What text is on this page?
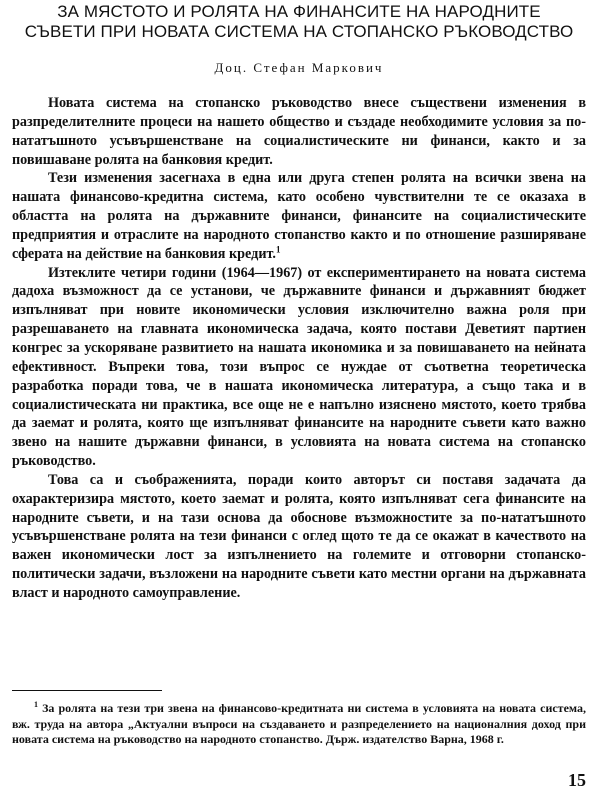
ЗА МЯСТОТО И РОЛЯТА НА ФИНАНСИТЕ НА НАРОДНИТЕ
СЪВЕТИ ПРИ НОВАТА СИСТЕМА НА СТОПАНСКО РЪКОВОДСТВО
Доц. Стефан Маркович

Новата система на стопанско ръководство внесе съществени изменения в разпределителните процеси на нашето общество и създаде необходимите условия за по-нататъшното усъвършенстване на социалистическите ни финанси, както и за повишаване ролята на банковия кредит.

Тези изменения засегнаха в една или друга степен ролята на всички звена на нашата финансово-кредитна система, като особено чувствителни те се оказаха в областта на ролята на държавните финанси, финансите на социалистическите предприятия и отраслите на народното стопанство както и по отношение разширяване сферата на действие на банковия кредит.$^1$

Изтеклите четири години (1964—1967) от експериментирането на новата система дадоха възможност да се установи, че държавните финанси и държавният бюджет изпълняват при новите икономически условия изключително важна роля при разрешаването на главната икономическа задача, която постави Деветият партиен конгрес за ускоряване развитието на нашата икономика и за повишаването на нейната ефективност. Въпреки това, този въпрос се нуждае от съответна теоретическа разработка поради това, че в нашата икономическа литература, а също така и в социалистическата ни практика, все още не е напълно изяснено мястото, което трябва да заемат и ролята, която ще изпълняват финансите на народните съвети като важно звено на нашите държавни финанси, в условията на новата система на стопанско ръководство.

Това са и съображенията, поради които авторът си поставя задачата да охарактеризира мястото, което заемат и ролята, която изпълняват сега финансите на народните съвети, и на тази основа да обоснове възможностите за по-нататъшното усъвършенстване ролята на тези финанси с оглед щото те да се окажат в качеството на важен икономически лост за изпълнението на големите и отговорни стопанско-политически задачи, възложени на народните съвети като местни органи на държавната власт и народното самоуправление.

$^1$ За ролята на тези три звена на финансово-кредитната ни система в условията на новата система, вж. труда на автора „Актуални въпроси на създаването и разпределението на националния доход при новата система на ръководство на народното стопанство. Държ. издателство Варна, 1968 г.

15
